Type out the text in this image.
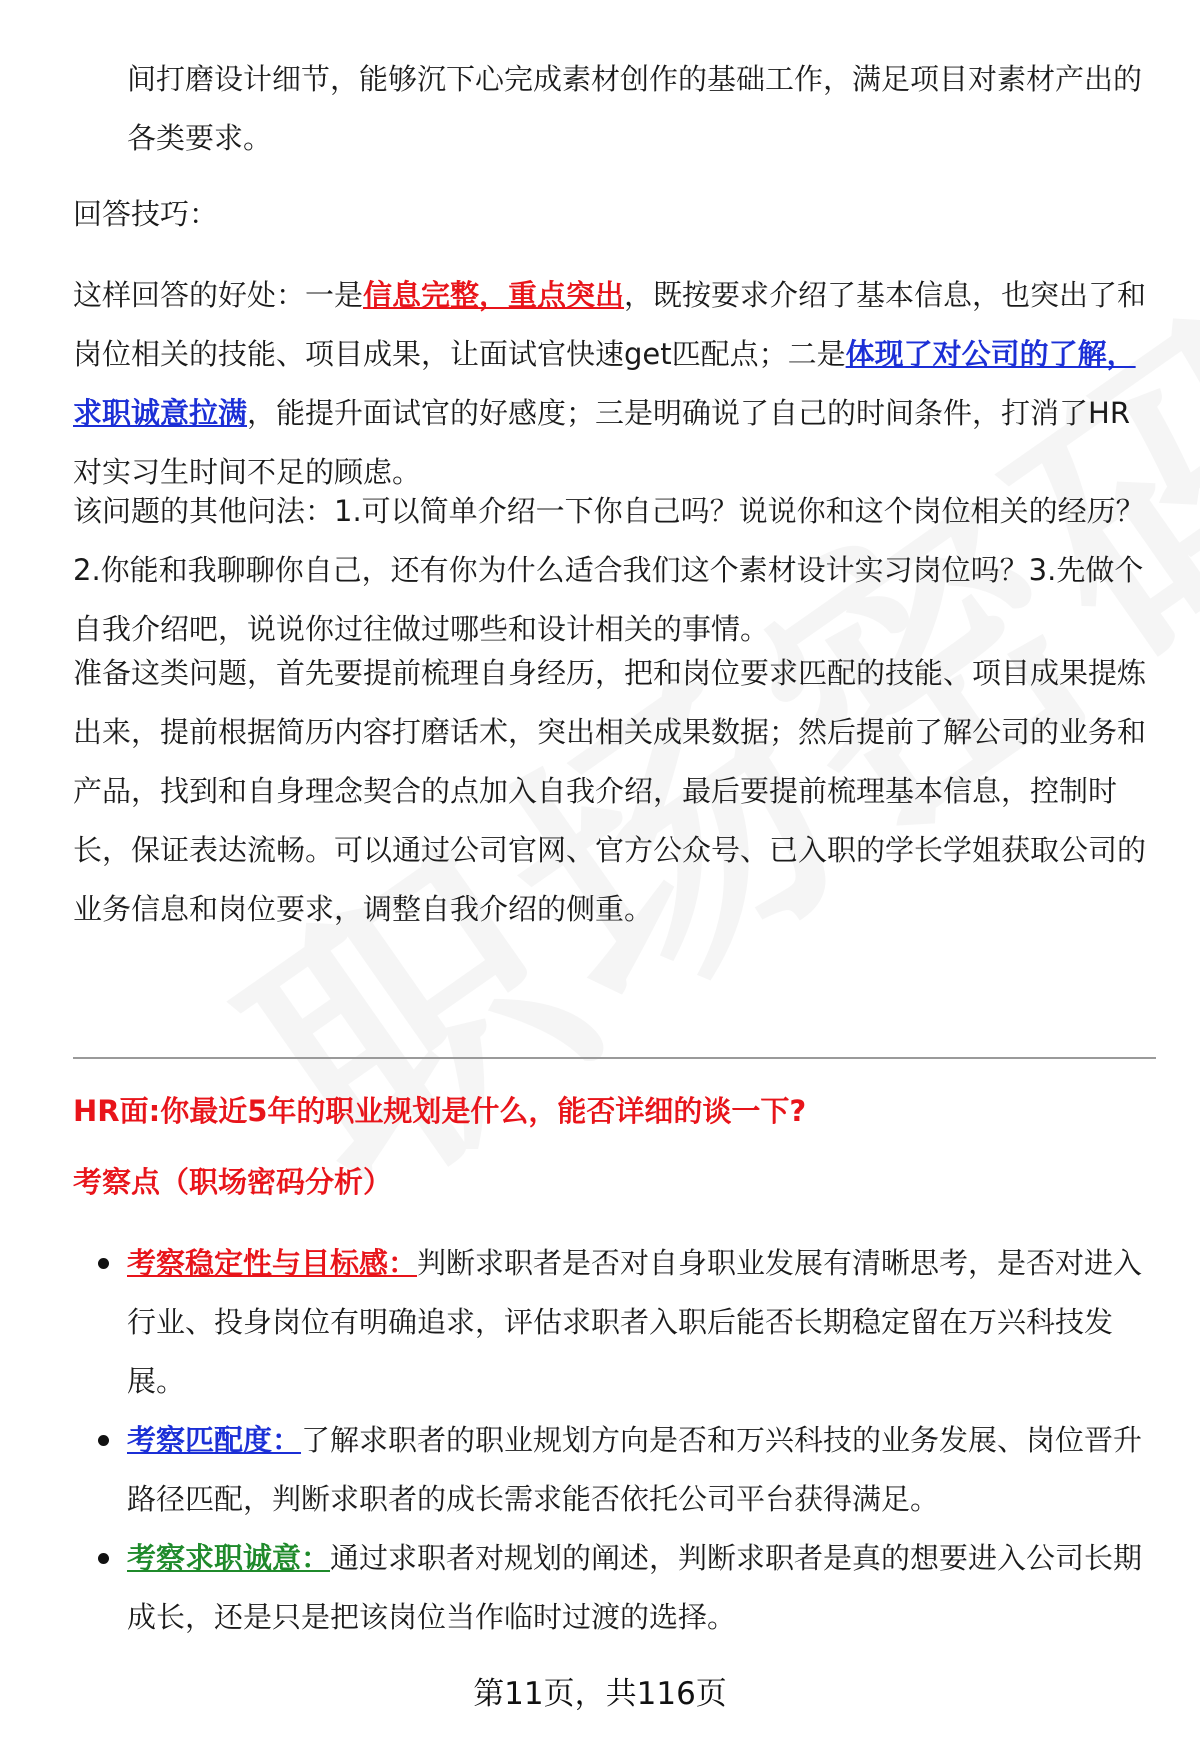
间打磨设计细节，能够沉下心完成素材创作的基础工作，满足项目对素材产出的各类要求。
回答技巧：
这样回答的好处：一是信息完整，重点突出，既按要求介绍了基本信息，也突出了和岗位相关的技能、项目成果，让面试官快速get匹配点；二是体现了对公司的了解，求职诚意拉满，能提升面试官的好感度；三是明确说了自己的时间条件，打消了HR对实习生时间不足的顾虑。
该问题的其他问法：1.可以简单介绍一下你自己吗？说说你和这个岗位相关的经历？2.你能和我聊聊你自己，还有你为什么适合我们这个素材设计实习岗位吗？3.先做个自我介绍吧，说说你过往做过哪些和设计相关的事情。
准备这类问题，首先要提前梳理自身经历，把和岗位要求匹配的技能、项目成果提炼出来，提前根据简历内容打磨话术，突出相关成果数据；然后提前了解公司的业务和产品，找到和自身理念契合的点加入自我介绍，最后要提前梳理基本信息，控制时长，保证表达流畅。可以通过公司官网、官方公众号、已入职的学长学姐获取公司的业务信息和岗位要求，调整自我介绍的侧重。
HR面:你最近5年的职业规划是什么，能否详细的谈一下?
考察点（职场密码分析）
考察稳定性与目标感：判断求职者是否对自身职业发展有清晰思考，是否对进入行业、投身岗位有明确追求，评估求职者入职后能否长期稳定留在万兴科技发展。
考察匹配度：了解求职者的职业规划方向是否和万兴科技的业务发展、岗位晋升路径匹配，判断求职者的成长需求能否依托公司平台获得满足。
考察求职诚意：通过求职者对规划的阐述，判断求职者是真的想要进入公司长期成长，还是只是把该岗位当作临时过渡的选择。
第11页，共116页
